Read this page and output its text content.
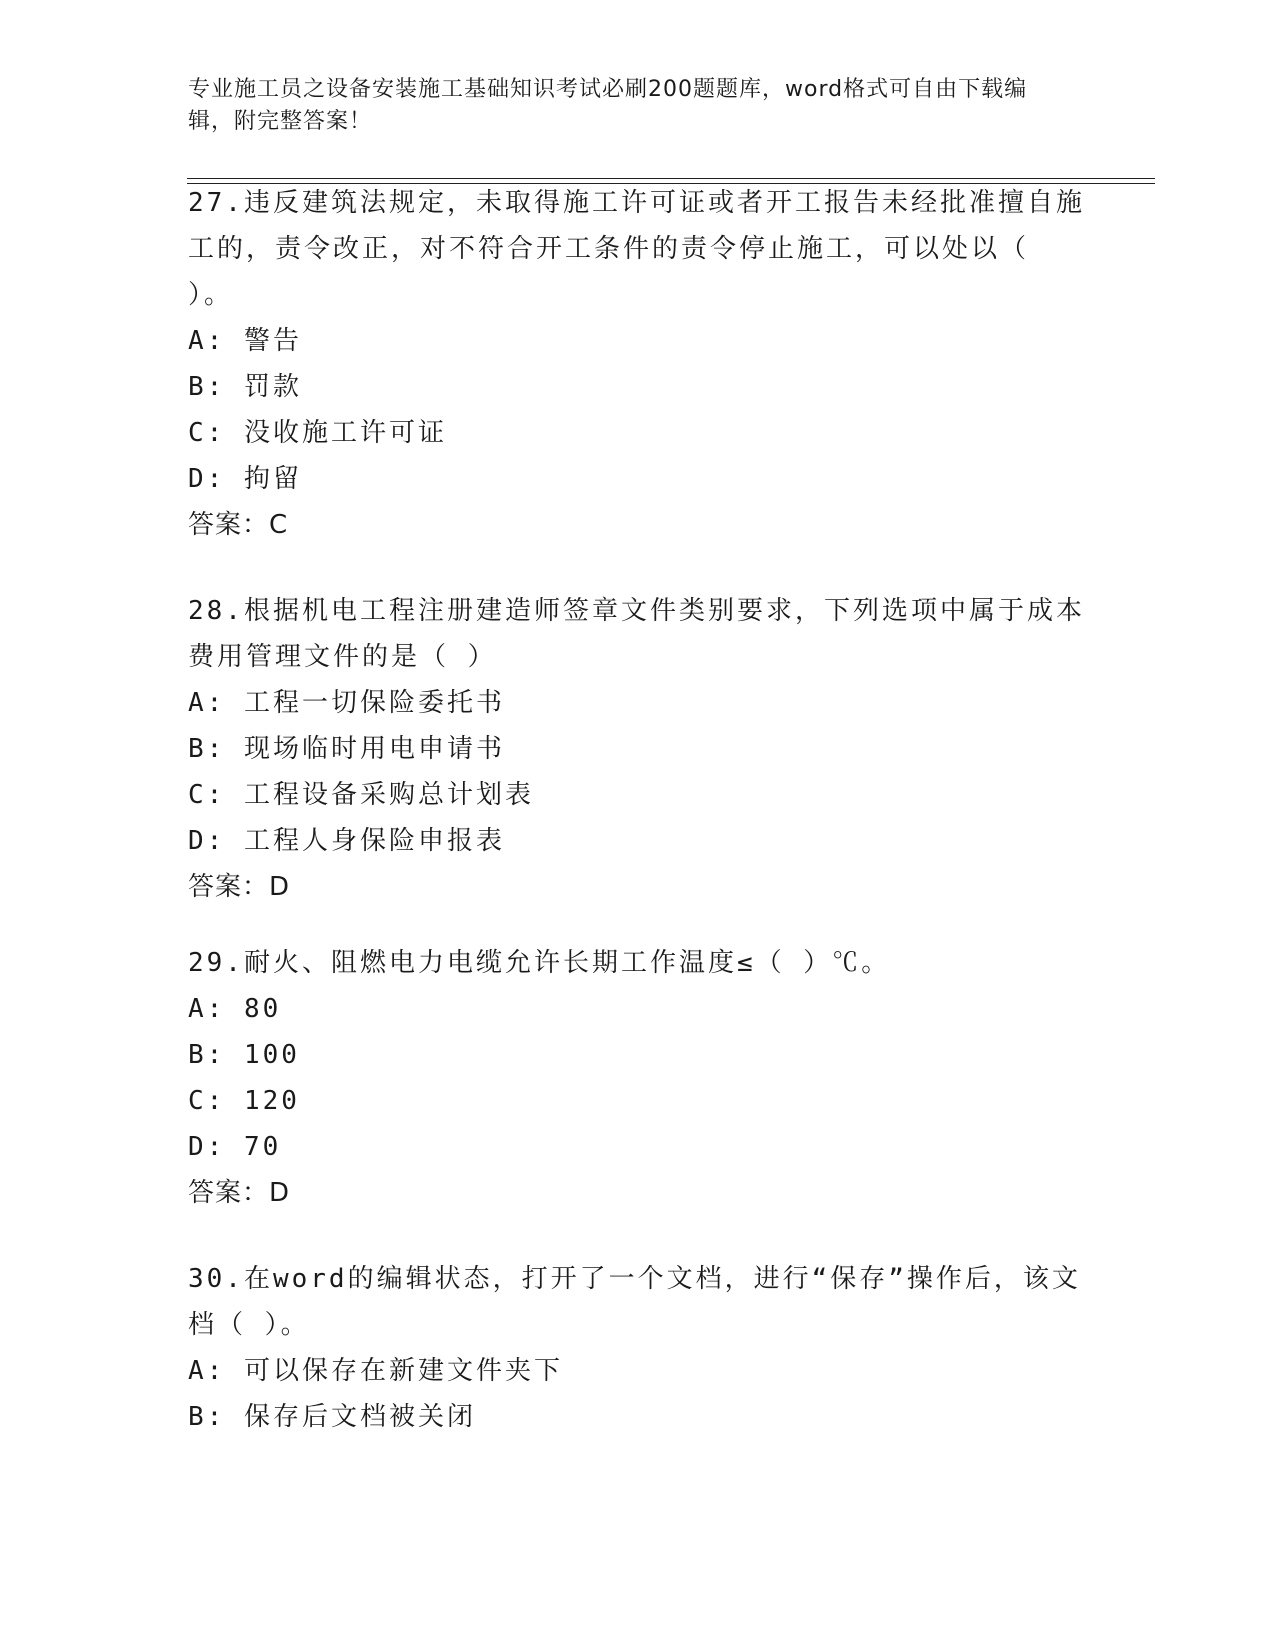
专业施工员之设备安装施工基础知识考试必刷200题题库，word格式可自由下载编辑，附完整答案！
27.违反建筑法规定，未取得施工许可证或者开工报告未经批准擅自施工的，责令改正，对不符合开工条件的责令停止施工，可以处以（ ）。
A: 警告
B: 罚款
C: 没收施工许可证
D: 拘留
答案：C
28.根据机电工程注册建造师签章文件类别要求，下列选项中属于成本费用管理文件的是（ ）
A: 工程一切保险委托书
B: 现场临时用电申请书
C: 工程设备采购总计划表
D: 工程人身保险申报表
答案：D
29.耐火、阻燃电力电缆允许长期工作温度≤（ ）℃。
A: 80
B: 100
C: 120
D: 70
答案：D
30.在word的编辑状态，打开了一个文档，进行“保存”操作后，该文档（ ）。
A: 可以保存在新建文件夹下
B: 保存后文档被关闭
